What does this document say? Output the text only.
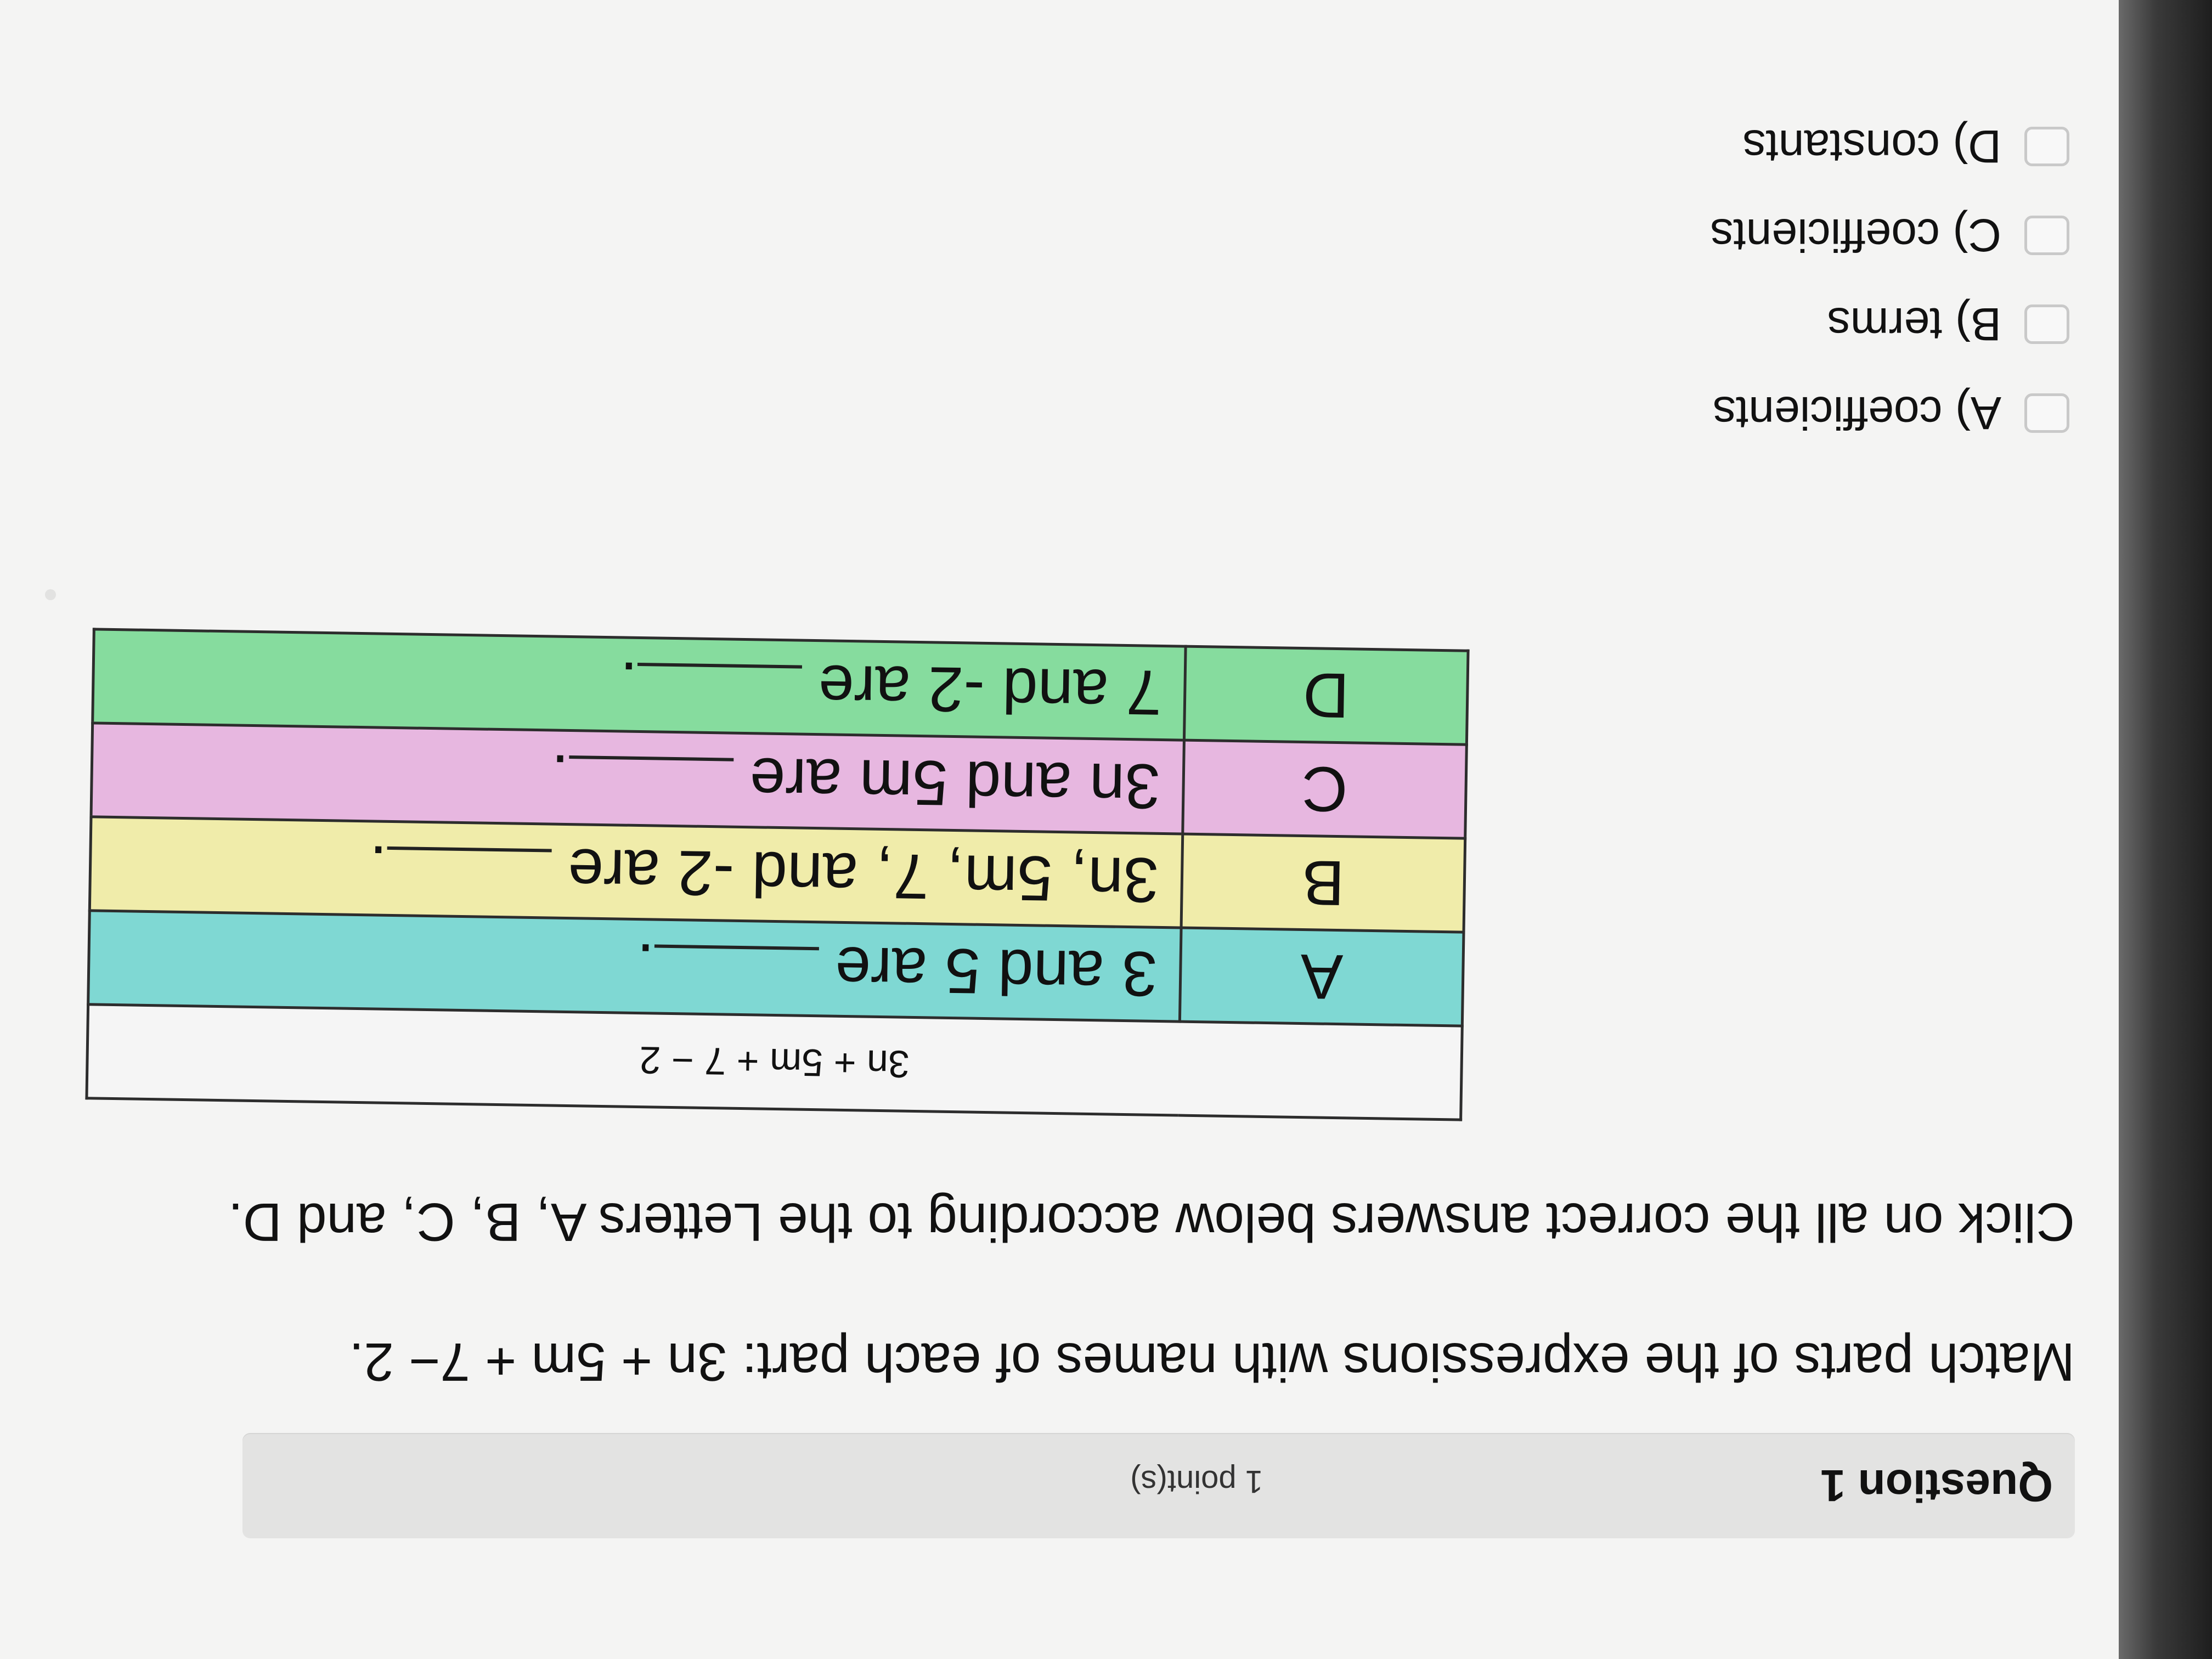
Question 1
1 point(s)
Match parts of the expressions with names of each part: 3n + 5m + 7− 2.
Click on all the correct answers below according to the Letters A, B, C, and D.
3n + 5m + 7 − 2	
A	3 and 5 are.
B	3n, 5m, 7, and -2 are.
C	3n and 5m are.
D	7 and -2 are.
A) coefficients
B) terms
C) coefficients
D) constants
